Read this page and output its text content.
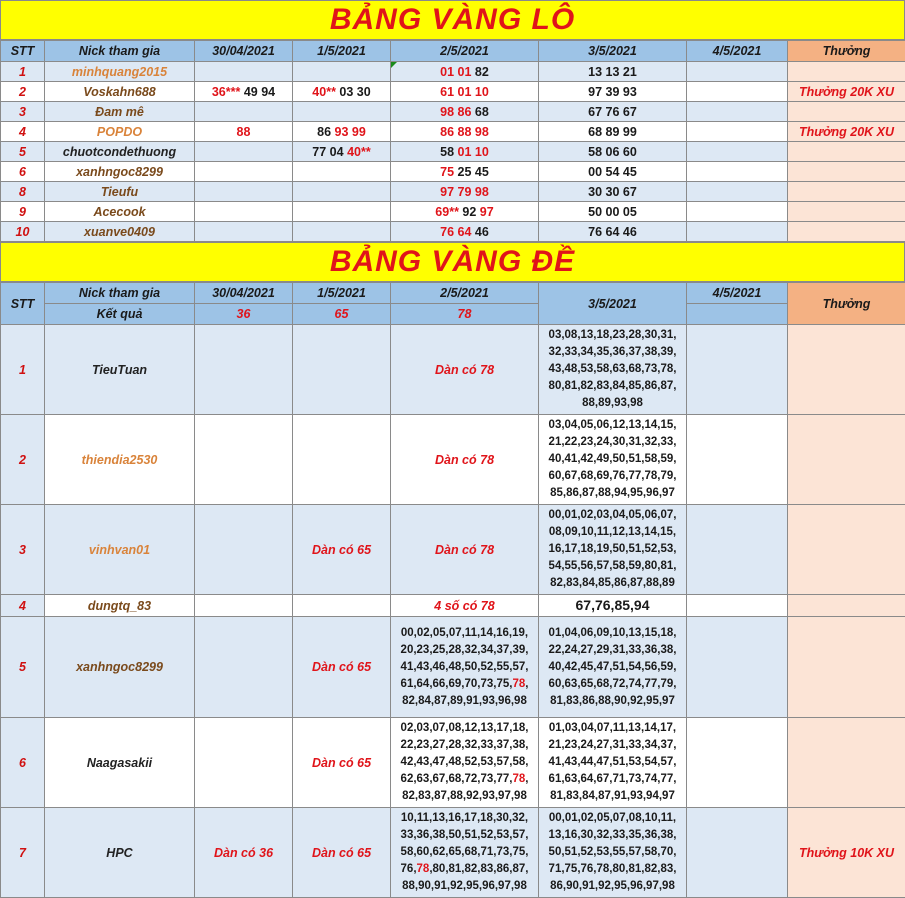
BẢNG VÀNG LÔ
STT	Nick tham gia	30/04/2021	1/5/2021	2/5/2021	3/5/2021	4/5/2021	Thưởng
1	minhquang2015			01 01 82	13 13 21		
2	Voskahn688	36*** 49 94	40** 03 30	61 01 10	97 39 93		Thưởng 20K XU
3	Đam mê			98 86 68	67 76 67		
4	POPDO	88	86 93 99	86 88 98	68 89 99		Thưởng 20K XU
5	chuotcondethuong		77 04 40**	58 01 10	58 06 60		
6	xanhngoc8299			75 25 45	00 54 45		
8	Tieufu			97 79 98	30 30 67		
9	Acecook			69** 92 97	50 00 05		
10	xuanve0409			76 64 46	76 64 46		
BẢNG VÀNG ĐỀ
STT	Nick tham gia	30/04/2021	1/5/2021	2/5/2021	3/5/2021	4/5/2021	Thưởng
	Kết quả	36	65	78			
1	TieuTuan			Dàn có 78	03,08,13,18,23,28,30,31,
32,33,34,35,36,37,38,39,
43,48,53,58,63,68,73,78,
80,81,82,83,84,85,86,87,
88,89,93,98		
2	thiendia2530			Dàn có 78	03,04,05,06,12,13,14,15,
21,22,23,24,30,31,32,33,
40,41,42,49,50,51,58,59,
60,67,68,69,76,77,78,79,
85,86,87,88,94,95,96,97		
3	vinhvan01		Dàn có 65	Dàn có 78	00,01,02,03,04,05,06,07,
08,09,10,11,12,13,14,15,
16,17,18,19,50,51,52,53,
54,55,56,57,58,59,80,81,
82,83,84,85,86,87,88,89		
4	dungtq_83			4 số có 78	67,76,85,94		
5	xanhngoc8299		Dàn có 65	00,02,05,07,11,14,16,19,
20,23,25,28,32,34,37,39,
41,43,46,48,50,52,55,57,
61,64,66,69,70,73,75,78,
82,84,87,89,91,93,96,98	01,04,06,09,10,13,15,18,
22,24,27,29,31,33,36,38,
40,42,45,47,51,54,56,59,
60,63,65,68,72,74,77,79,
81,83,86,88,90,92,95,97		
6	Naagasakii		Dàn có 65	02,03,07,08,12,13,17,18,
22,23,27,28,32,33,37,38,
42,43,47,48,52,53,57,58,
62,63,67,68,72,73,77,78,
82,83,87,88,92,93,97,98	01,03,04,07,11,13,14,17,
21,23,24,27,31,33,34,37,
41,43,44,47,51,53,54,57,
61,63,64,67,71,73,74,77,
81,83,84,87,91,93,94,97		
7	HPC	Dàn có 36	Dàn có 65	10,11,13,16,17,18,30,32,
33,36,38,50,51,52,53,57,
58,60,62,65,68,71,73,75,
76,78,80,81,82,83,86,87,
88,90,91,92,95,96,97,98	00,01,02,05,07,08,10,11,
13,16,30,32,33,35,36,38,
50,51,52,53,55,57,58,70,
71,75,76,78,80,81,82,83,
86,90,91,92,95,96,97,98		Thưởng 10K XU
